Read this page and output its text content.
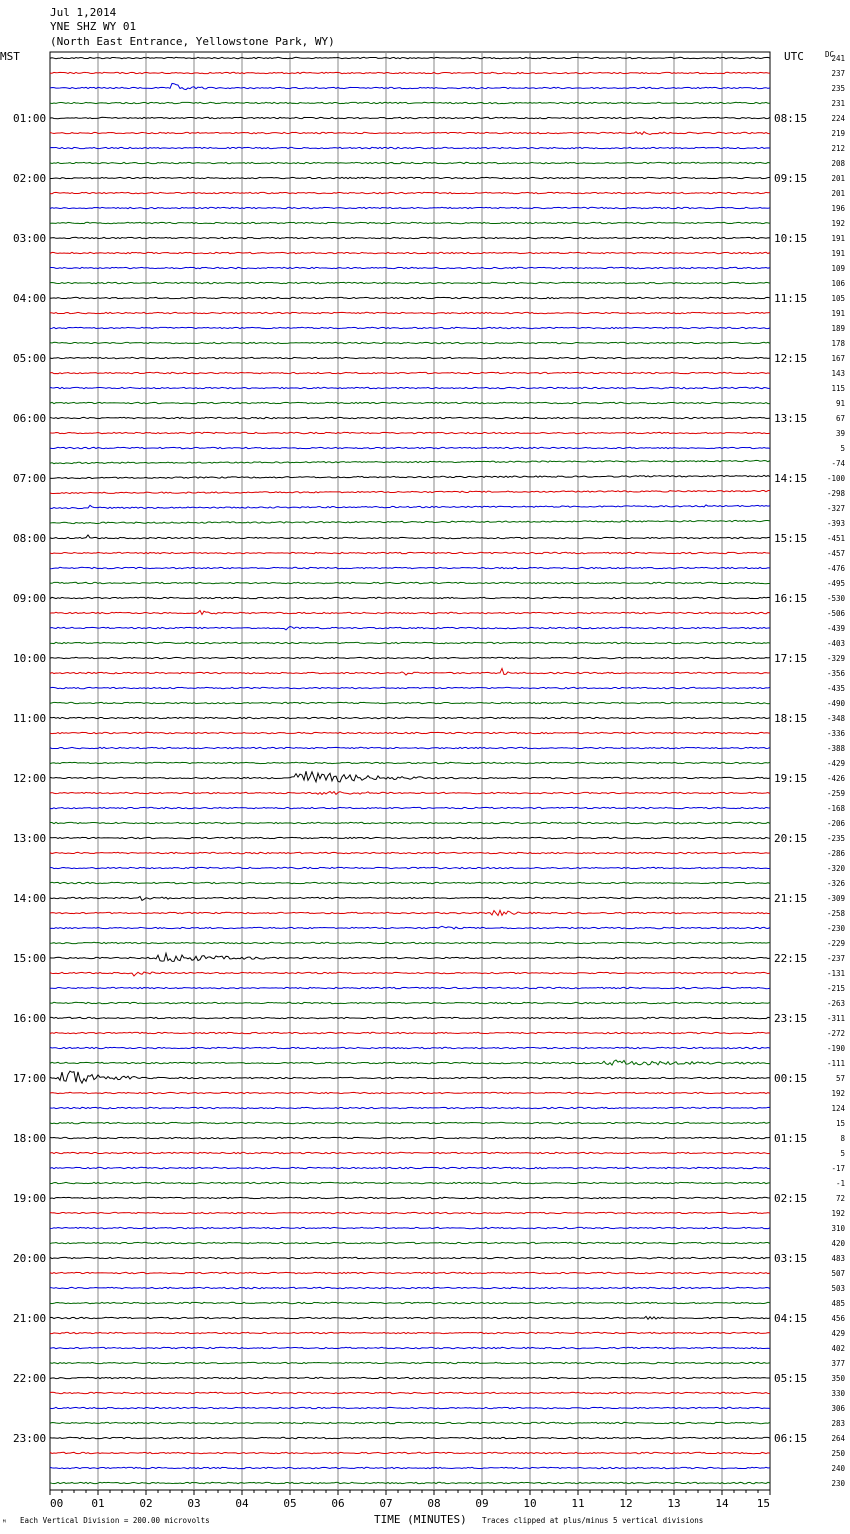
Jul 1,2014
YNE SHZ WY 01
(North East Entrance, Yellowstone Park, WY)
MST	UTC	DC
01:00
02:00
03:00
04:00
05:00
06:00
07:00
08:00
09:00
10:00
11:00
12:00
13:00
14:00
15:00
16:00
17:00
18:00
19:00
20:00
21:00
22:00
23:00
08:15
09:15
10:15
11:15
12:15
13:15
14:15
15:15
16:15
17:15
18:15
19:15
20:15
21:15
22:15
23:15
00:15
01:15
02:15
03:15
04:15
05:15
06:15
241
237
235
231
224
219
212
208
201
201
196
192
191
191
109
106
105
191
189
178
167
143
115
91
67
39
5
-74
-100
-298
-327
-393
-451
-457
-476
-495
-530
-506
-439
-403
-329
-356
-435
-490
-348
-336
-388
-429
-426
-259
-168
-206
-235
-286
-320
-326
-309
-258
-230
-229
-237
-131
-215
-263
-311
-272
-190
-111
57
192
124
15
8
5
-17
-1
72
192
310
420
483
507
503
485
456
429
402
377
350
330
306
283
264
250
240
230
00	01	02	03	04	05	06	07	08	09	10	11	12	13	14	15
TIME (MINUTES)
ᴹ Each Vertical Division = 200.00 microvolts	Traces clipped at plus/minus 5 vertical divisions
